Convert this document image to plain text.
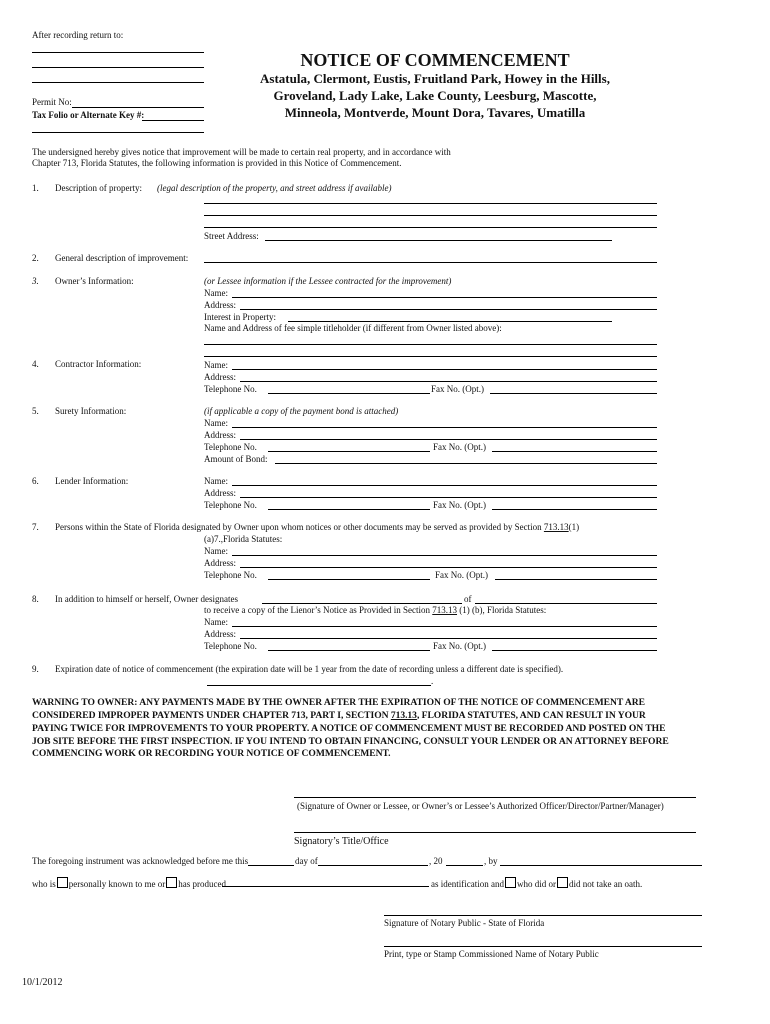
After recording return to:
Permit No:
Tax Folio or Alternate Key #:
NOTICE OF COMMENCEMENT
Astatula, Clermont, Eustis, Fruitland Park, Howey in the Hills,
Groveland, Lady Lake, Lake County, Leesburg, Mascotte,
Minneola, Montverde, Mount Dora, Tavares, Umatilla
The undersigned hereby gives notice that improvement will be made to certain real property, and in accordance with
Chapter 713, Florida Statutes, the following information is provided in this Notice of Commencement.
1. Description of property: (legal description of the property, and street address if available)
Street Address:
2. General description of improvement:
3. Owner’s Information:	(or Lessee information if the Lessee contracted for the improvement)
Name:
Address:
Interest in Property:
Name and Address of fee simple titleholder (if different from Owner listed above):
4. Contractor Information:	Name:
Address:
Telephone No.	Fax No. (Opt.)
5. Surety Information:	(if applicable a copy of the payment bond is attached)
Name:
Address:
Telephone No.	Fax No. (Opt.)
Amount of Bond:
6. Lender Information:	Name:
Address:
Telephone No.	Fax No. (Opt.)
7. Persons within the State of Florida designated by Owner upon whom notices or other documents may be served as provided by Section 713.13(1)
(a)7.,Florida Statutes:
Name:
Address:
Telephone No.	Fax No. (Opt.)
8. In addition to himself or herself, Owner designates	of
to receive a copy of the Lienor’s Notice as Provided in Section 713.13 (1) (b), Florida Statutes:
Name:
Address:
Telephone No.	Fax No. (Opt.)
9. Expiration date of notice of commencement (the expiration date will be 1 year from the date of recording unless a different date is specified).
.
WARNING TO OWNER: ANY PAYMENTS MADE BY THE OWNER AFTER THE EXPIRATION OF THE NOTICE OF COMMENCEMENT ARE
CONSIDERED IMPROPER PAYMENTS UNDER CHAPTER 713, PART I, SECTION 713.13, FLORIDA STATUTES, AND CAN RESULT IN YOUR
PAYING TWICE FOR IMPROVEMENTS TO YOUR PROPERTY. A NOTICE OF COMMENCEMENT MUST BE RECORDED AND POSTED ON THE
JOB SITE BEFORE THE FIRST INSPECTION. IF YOU INTEND TO OBTAIN FINANCING, CONSULT YOUR LENDER OR AN ATTORNEY BEFORE
COMMENCING WORK OR RECORDING YOUR NOTICE OF COMMENCEMENT.
(Signature of Owner or Lessee, or Owner’s or Lessee’s Authorized Officer/Director/Partner/Manager)
Signatory’s Title/Office
The foregoing instrument was acknowledged before me this	day of	, 20	, by
who is personally known to me or has produced	as identification and who did or did not take an oath.
Signature of Notary Public - State of Florida
Print, type or Stamp Commissioned Name of Notary Public
10/1/2012
